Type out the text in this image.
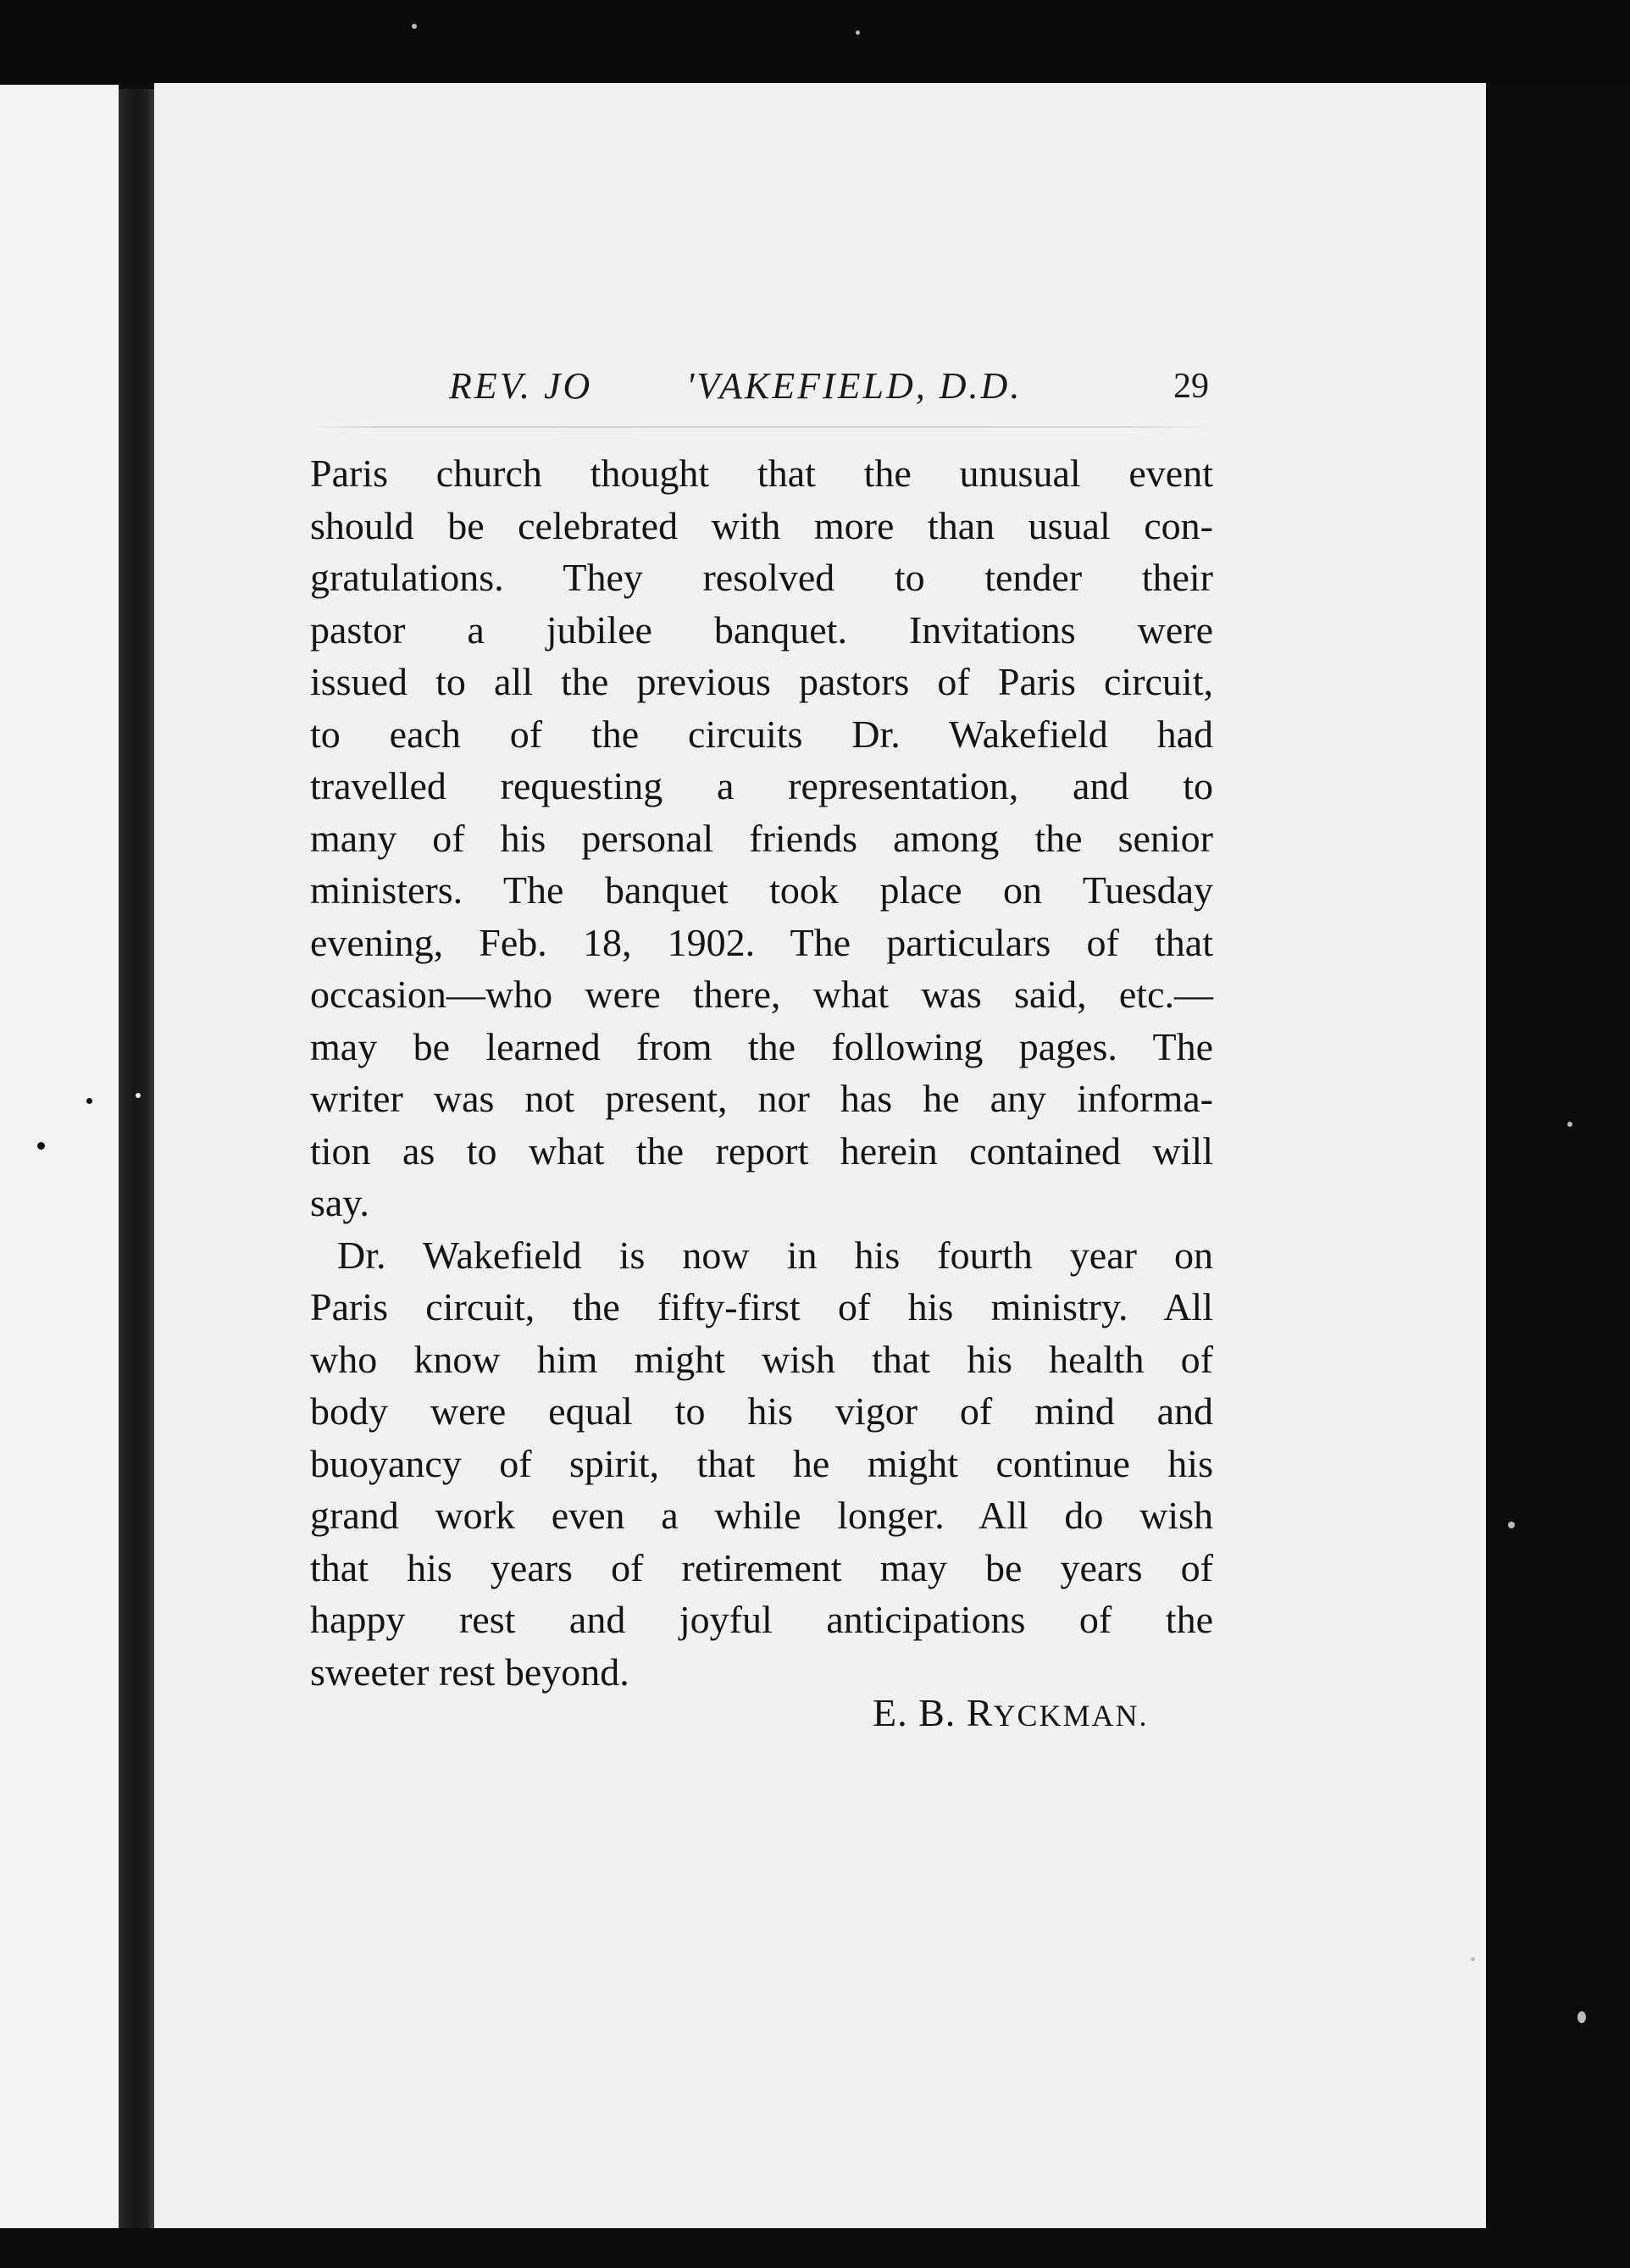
REV. JO	'VAKEFIELD, D.D.	29
Paris church thought that the unusual event
should be celebrated with more than usual con-
gratulations. They resolved to tender their
pastor a jubilee banquet. Invitations were
issued to all the previous pastors of Paris circuit,
to each of the circuits Dr. Wakefield had
travelled requesting a representation, and to
many of his personal friends among the senior
ministers. The banquet took place on Tuesday
evening, Feb. 18, 1902. The particulars of that
occasion—who were there, what was said, etc.—
may be learned from the following pages. The
writer was not present, nor has he any informa-
tion as to what the report herein contained will
say.
Dr. Wakefield is now in his fourth year on
Paris circuit, the fifty-first of his ministry. All
who know him might wish that his health of
body were equal to his vigor of mind and
buoyancy of spirit, that he might continue his
grand work even a while longer. All do wish
that his years of retirement may be years of
happy rest and joyful anticipations of the
sweeter rest beyond.
E. B. RYCKMAN.
